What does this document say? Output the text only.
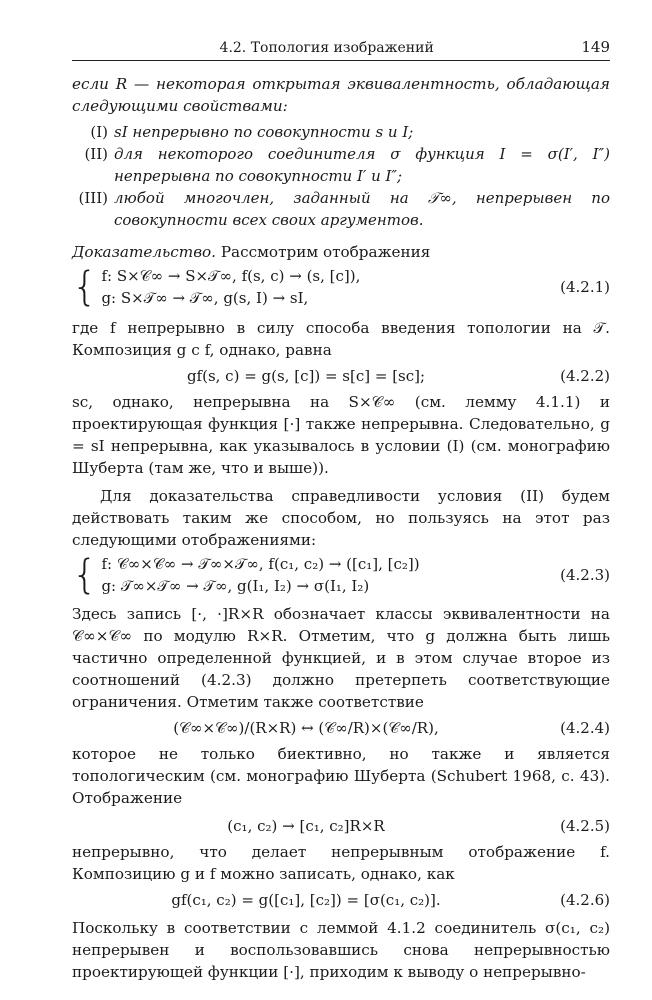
4.2. Топология изображений	149

если R — некоторая открытая эквивалентность, обладающая следующими свойствами:

(I) sI непрерывно по совокупности s и I;
(II) для некоторого соединителя σ функция I = σ(I′, I″) непрерывна по совокупности I′ и I″;
(III) любой многочлен, заданный на 𝒯∞, непрерывен по совокупности всех своих аргументов.

Доказательство. Рассмотрим отображения

{ f: S×𝒞∞ → S×𝒯∞, f(s, c) → (s, [c]),
g: S×𝒯∞ → 𝒯∞, g(s, I) → sI,
(4.2.1)

где f непрерывно в силу способа введения топологии на 𝒯. Композиция g c f, однако, равна

gf(s, c) = g(s, [c]) = s[c] = [sc];	(4.2.2)

sc, однако, непрерывна на S×𝒞∞ (см. лемму 4.1.1) и проектирующая функция [·] также непрерывна. Следовательно, g = sI непрерывна, как указывалось в условии (I) (см. монографию Шуберта (там же, что и выше)).

Для доказательства справедливости условия (II) будем действовать таким же способом, но пользуясь на этот раз следующими отображениями:

{ f: 𝒞∞×𝒞∞ → 𝒯∞×𝒯∞, f(c₁, c₂) → ([c₁], [c₂])
g: 𝒯∞×𝒯∞ → 𝒯∞, g(I₁, I₂) → σ(I₁, I₂)
(4.2.3)

Здесь запись [·, ·]R×R обозначает классы эквивалентности на 𝒞∞×𝒞∞ по модулю R×R. Отметим, что g должна быть лишь частично определенной функцией, и в этом случае второе из соотношений (4.2.3) должно претерпеть соответствующие ограничения. Отметим также соответствие

(𝒞∞×𝒞∞)/(R×R) ↔ (𝒞∞/R)×(𝒞∞/R),	(4.2.4)

которое не только биективно, но также и является топологическим (см. монографию Шуберта (Schubert 1968, c. 43). Отображение

(c₁, c₂) → [c₁, c₂]R×R	(4.2.5)

непрерывно, что делает непрерывным отображение f. Композицию g и f можно записать, однако, как

gf(c₁, c₂) = g([c₁], [c₂]) = [σ(c₁, c₂)].	(4.2.6)

Поскольку в соответствии с леммой 4.1.2 соединитель σ(c₁, c₂) непрерывен и воспользовавшись снова непрерывностью проектирующей функции [·], приходим к выводу о непрерывно-
